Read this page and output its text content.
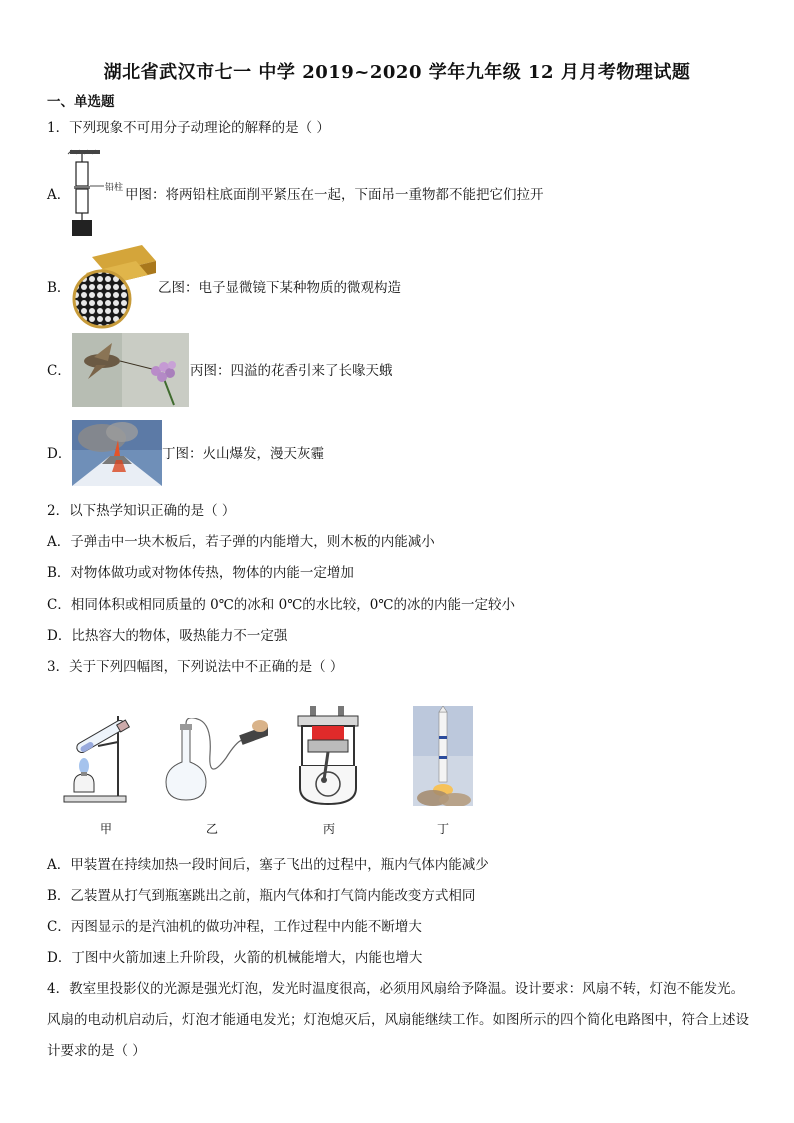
湖北省武汉市七一 中学 2019~2020 学年九年级 12 月月考物理试题
一、单选题
1．下列现象不可用分子动理论的解释的是（ ）
A．	铅柱 甲图：将两铅柱底面削平紧压在一起，下面吊一重物都不能把它们拉开
B．	乙图：电子显微镜下某种物质的微观构造
C．	丙图：四溢的花香引来了长喙天蛾
D．	丁图：火山爆发，漫天灰霾
2．以下热学知识正确的是（ ）
A．子弹击中一块木板后，若子弹的内能增大，则木板的内能减小
B．对物体做功或对物体传热，物体的内能一定增加
C．相同体积或相同质量的 0℃的冰和 0℃的水比较，0℃的冰的内能一定较小
D．比热容大的物体，吸热能力不一定强
3．关于下列四幅图，下列说法中不正确的是（ ）
甲	乙	丙	丁
A．甲装置在持续加热一段时间后，塞子飞出的过程中，瓶内气体内能减少
B．乙装置从打气到瓶塞跳出之前，瓶内气体和打气筒内能改变方式相同
C．丙图显示的是汽油机的做功冲程，工作过程中内能不断增大
D．丁图中火箭加速上升阶段，火箭的机械能增大，内能也增大
4．教室里投影仪的光源是强光灯泡，发光时温度很高，必须用风扇给予降温。设计要求：风扇不转，灯泡不能发光。风扇的电动机启动后，灯泡才能通电发光；灯泡熄灭后，风扇能继续工作。如图所示的四个简化电路图中，符合上述设计要求的是（ ）
